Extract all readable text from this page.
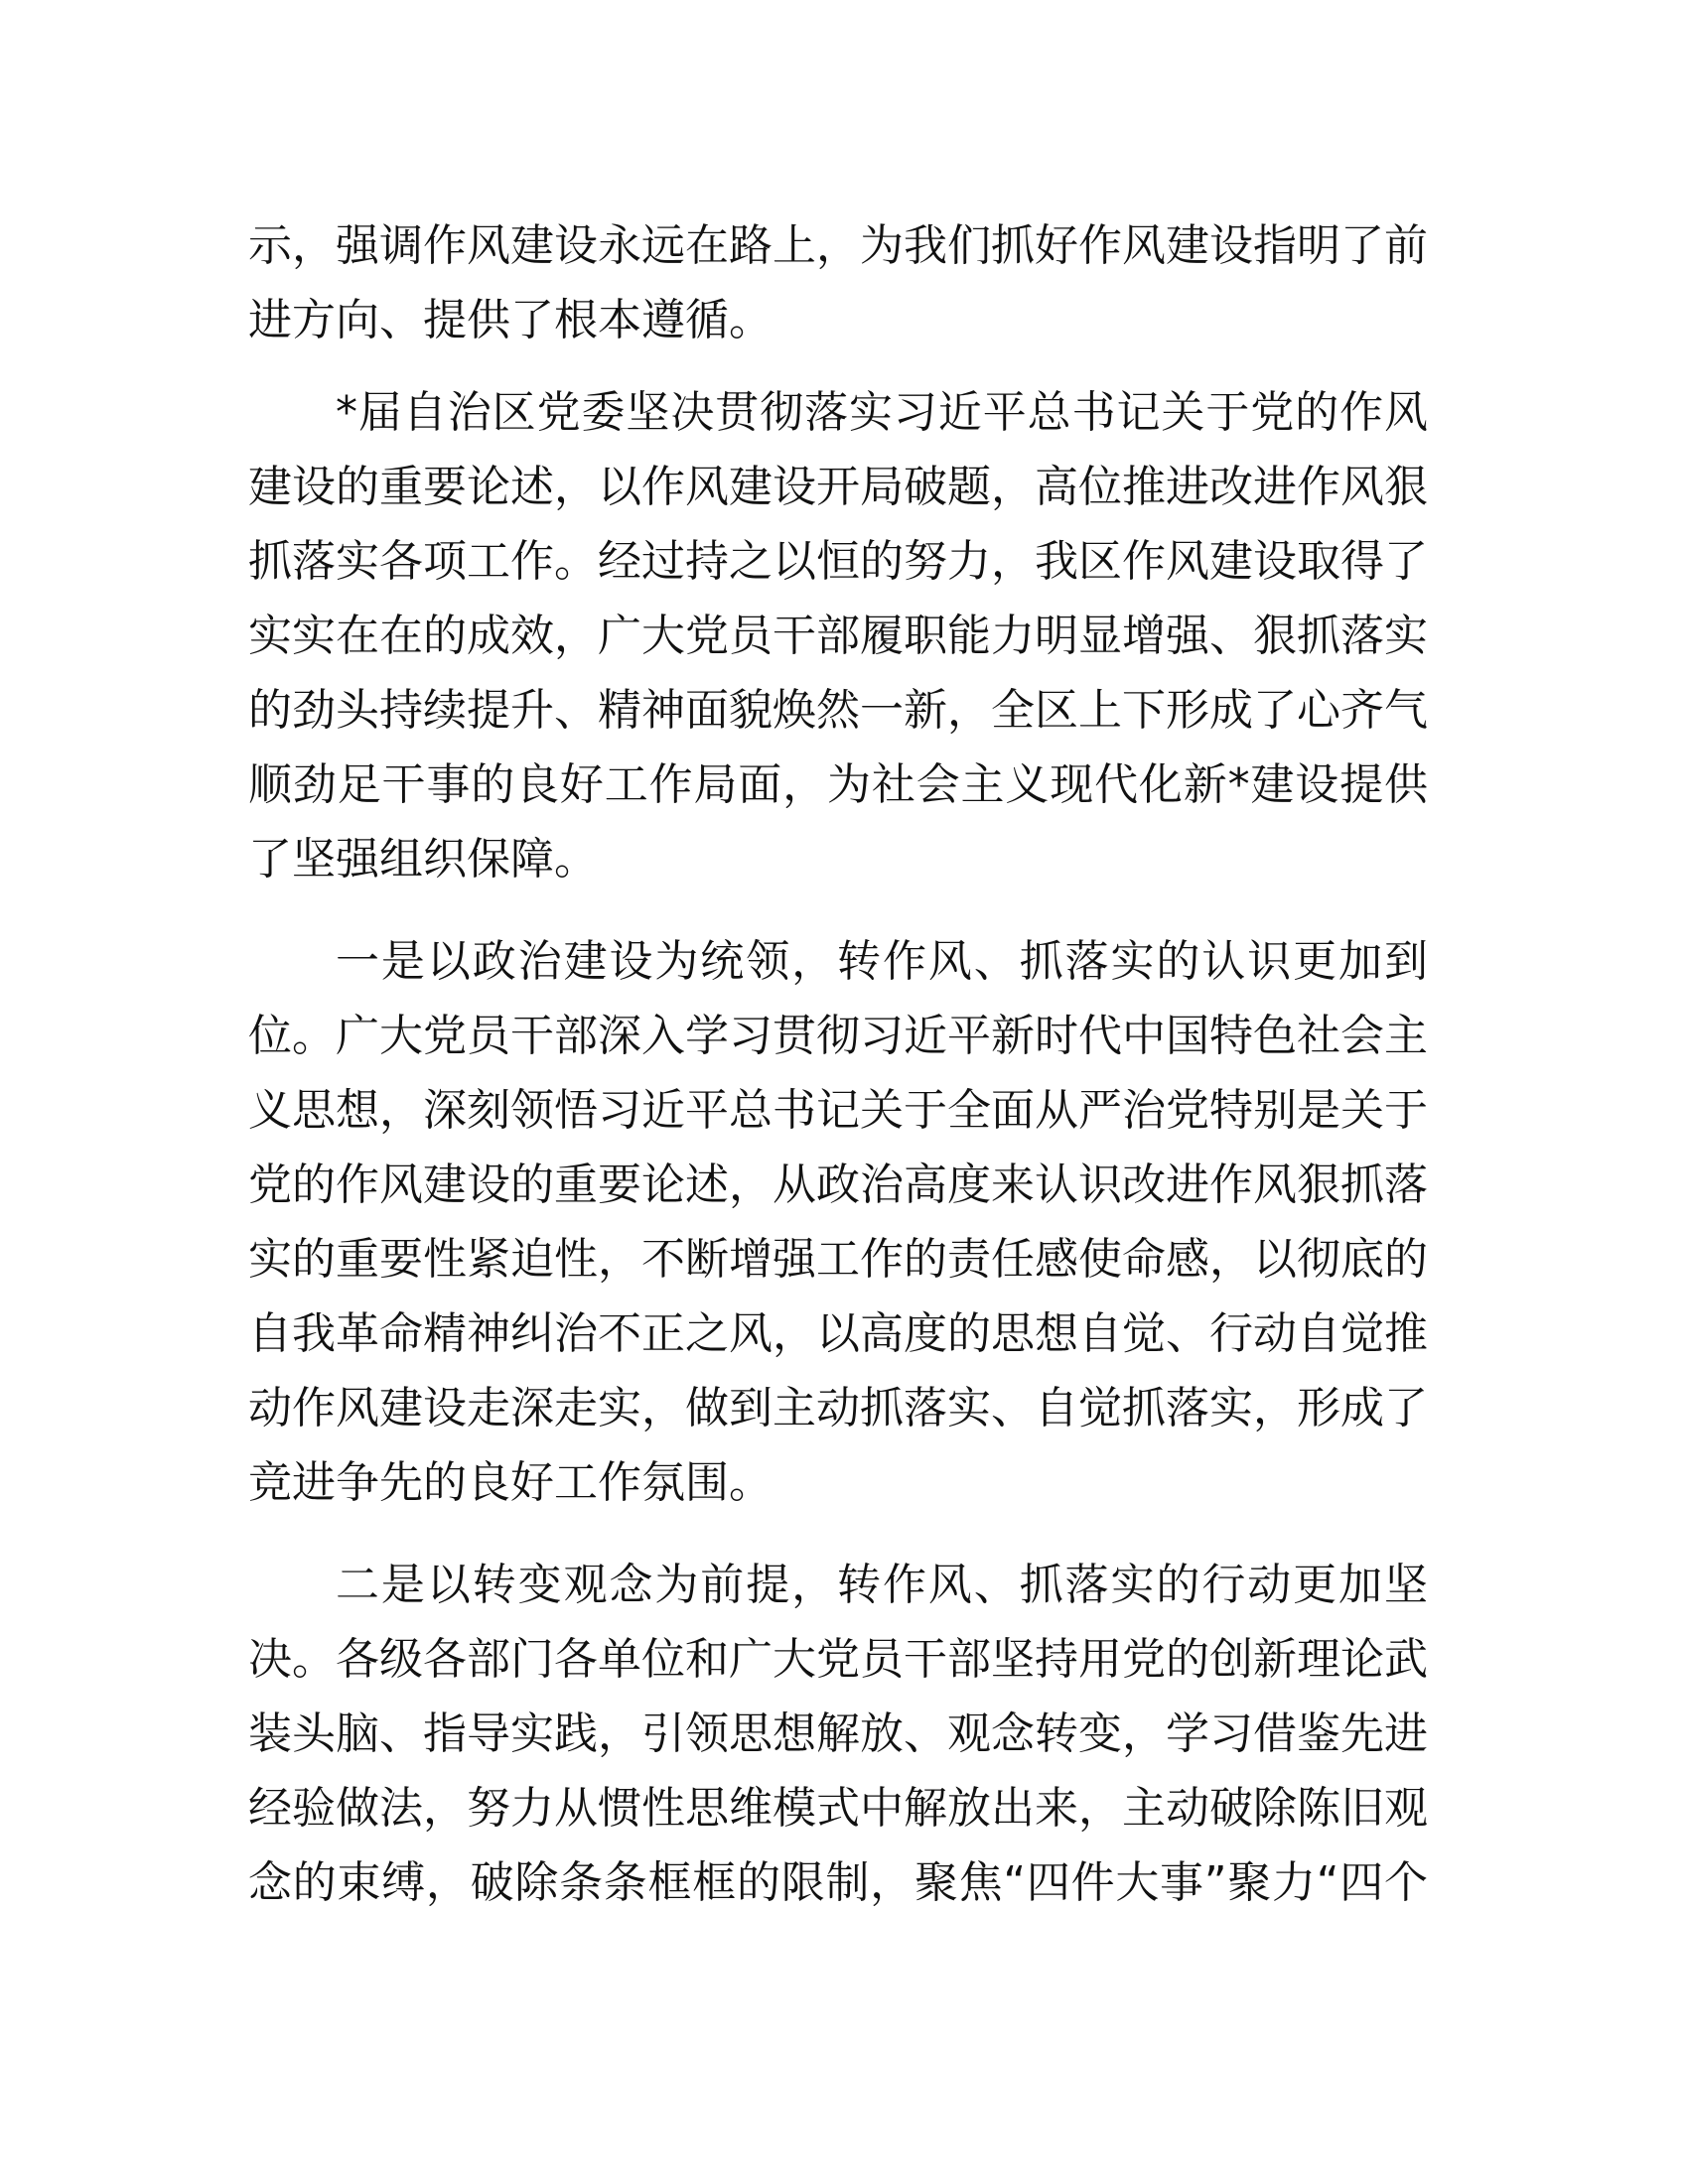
示，强调作风建设永远在路上，为我们抓好作风建设指明了前
进方向、提供了根本遵循。
*届自治区党委坚决贯彻落实习近平总书记关于党的作风
建设的重要论述，以作风建设开局破题，高位推进改进作风狠
抓落实各项工作。经过持之以恒的努力，我区作风建设取得了
实实在在的成效，广大党员干部履职能力明显增强、狠抓落实
的劲头持续提升、精神面貌焕然一新，全区上下形成了心齐气
顺劲足干事的良好工作局面，为社会主义现代化新*建设提供
了坚强组织保障。
一是以政治建设为统领，转作风、抓落实的认识更加到
位。广大党员干部深入学习贯彻习近平新时代中国特色社会主
义思想，深刻领悟习近平总书记关于全面从严治党特别是关于
党的作风建设的重要论述，从政治高度来认识改进作风狠抓落
实的重要性紧迫性，不断增强工作的责任感使命感，以彻底的
自我革命精神纠治不正之风，以高度的思想自觉、行动自觉推
动作风建设走深走实，做到主动抓落实、自觉抓落实，形成了
竞进争先的良好工作氛围。
二是以转变观念为前提，转作风、抓落实的行动更加坚
决。各级各部门各单位和广大党员干部坚持用党的创新理论武
装头脑、指导实践，引领思想解放、观念转变，学习借鉴先进
经验做法，努力从惯性思维模式中解放出来，主动破除陈旧观
念的束缚，破除条条框框的限制，聚焦“四件大事”聚力“四个
